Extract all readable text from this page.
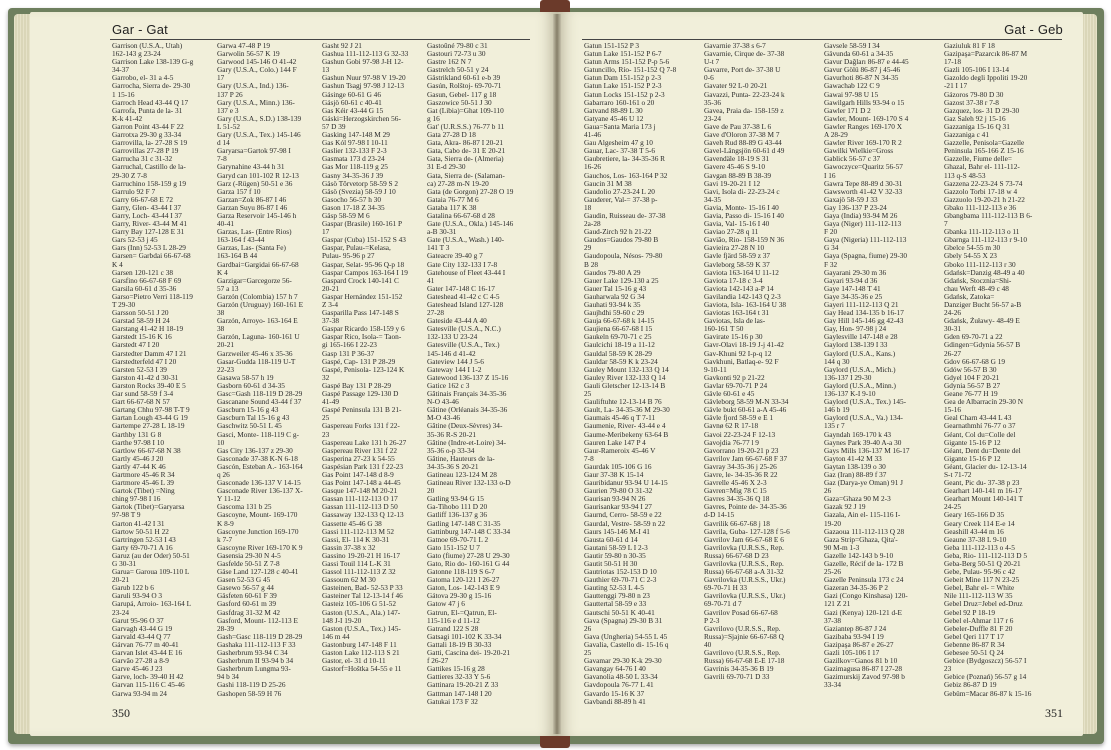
Gar - Gat
Garrison (U.S.A., Utah)
162-143 g 23-24
Garrison Lake 138-139 G-g
34-37
Garrobo, el- 31 a 4-5
Garrocha, Sierra de- 29-30
1 15-16
Garroch Head 43-44 Q 17
Garrofa, Punta de la- 31
K-k 41-42
Garron Point 43-44 F 22
Garrotxa 29-30 g 33-34
Garrovilla, la- 27-28 S 19
Garrovillas 27-28 P 19
Garrucha 31 c 31-32
Garruchal, Castillo de la-
29-30 Z 7-8
Garruchino 158-159 g 19
Garrulo 92 F 7
Garry 66-67-68 E 72
Garry, Glen- 43-44 I 37
Garry, Loch- 43-44 I 37
Garry, River- 43-44 M 41
Garry Bay 127-128 E 31
Gars 52-53 j 45
Gars (Inn) 52-53 L 28-29
Garsen= Garbdai 66-67-68
K 4
Garsen 120-121 c 38
Garsfino 66-67-68 F 69
Garsila 60-61 d 35-36
Garso=Pietro Verri 118-119
T 29-30
Garsson 50-51 J 20
Garstad 58-59 H 24
Garstang 41-42 H 18-19
Garstedt 15-16 K 16
Garstedt 47 I 20
Garstedter Damm 47 I 21
Garstedterfeld 47 I 20
Garsten 52-53 I 39
Garston 41-42 d 30-31
Garston Rocks 39-40 E 5
Gar sund 58-59 f 3-4
Gart 66-67-68 N 57
Gartang Chhu 97-98 T-T 9
Gartan Lough 43-44 G 19
Gartempe 27-28 L 18-19
Garthby 131 G 8
Garthe 97-98 I 10
Gartlow 66-67-68 N 38
Gartly 45-46 J 20
Gartly 47-44 K 46
Gartmore 45-46 R 34
Gartmore 45-46 L 39
Gartok (Tibet) =Ning
ching 97-98 I 16
Gartok (Tibet)=Garyarsa
97-98 T 9
Garton 41-42 I 31
Gartow 50-51 H 22
Gartringen 52-53 I 43
Garty 69-70-71 A 16
Garuz (au der Oder) 50-51
G 30-31
Garua= Garoua 109-110 L
20-21
Garub 122 b 6
Garuli 93-94 O 3
Garupá, Arroio- 163-164 L
23-24
Garut 95-96 O 37
Garvagh 43-44 G 19
Garvald 43-44 Q 77
Gárvan 76-77 m 40-41
Garvan Islet 43-44 E 16
Garvão 27-28 a 8-9
Garve 45-46 J 23
Garve, loch- 39-40 H 42
Garvan 115-116 C 45-46
Garwa 93-94 m 24
Garwa 47-48 P 19
Garwolin 56-57 K 19
Garwood 145-146 O 41-42
Gary (U.S.A., Colo.) 144 F
17
Gary (U.S.A., Ind.) 136-
137 P 26
Gary (U.S.A., Minn.) 136-
137 e 3
Gary (U.S.A., S.D.) 138-139
L 51-52
Gary (U.S.A., Tex.) 145-146
d 14
Garyarsa=Gartok 97-98 I
7-8
Garynahine 43-44 h 31
Garyd can 101-102 R 12-13
Garz (-Rügen) 50-51 e 36
Garza 157 f 10
Garzan=Zok 86-87 I 46
Garzan Suyu 86-87 I 46
Garza Reservoir 145-146 h
40-41
Garzas, Las- (Entre Rios)
163-164 f 43-44
Garzas, Las- (Santa Fe)
163-164 B 44
Gardbai=Gargidai 66-67-68
K 4
Garzigar=Garcegorze 56-
57 a 13
Garzón (Colombia) 157 h 7
Garzón (Uruguay) 160-161 E
38
Garzón, Arroyo- 163-164 E
38
Garzón, Laguna- 160-161 U
20-21
Garzweiler 45-46 x 35-36
Gasar-Gudda 118-119 U-T
22-23
Gasawa 58-57 h 19
Gasborn 60-61 d 34-35
Gasc=Gash 118-119 D 28-29
Gascanane Sound 43-44 f 37
Gascburn 15-16 g 43
Gascburn Tal 15-16 g 43
Gaschwitz 50-51 L 45
Gasci, Monte- 118-119 C g-
10
Gas City 136-137 z 29-30
Gasconade 37-38 K-N 6-18
Gascón, Esteban A.- 163-164
q 26
Gasconade 136-137 V 14-15
Gasconade River 136-137 X-
Y 11-12
Gascoma 131 b 25
Gascoyne, Mount- 169-170
K 8-9
Gascoyne Junction 169-170
k 7-7
Gascoyne River 169-170 K 9
Gasensia 29-30 N 4-5
Gasfelde 50-51 Z 7-8
Gäse Land 127-128 c 40-41
Gasen 52-53 G 45
Gasewo 56-57 g 44
Gäsfeten 60-61 F 39
Gasford 60-61 m 39
Gasfdrag 31-32 M 42
Gasford, Mount- 112-113 E
28-39
Gash=Gasc 118-119 D 28-29
Gashaka 111-112-113 F 33
Gasherbrum 93-94 C 34
Gasherbrum II 93-94 b 34
Gasherbrum Lungma 93-
94 b 34
Gashi 118-119 D 25-26
Gashopen 58-59 H 76
Gasht 92 J 21
Gashua 111-112-113 G 32-33
Gashun Gobi 97-98 J-H 12-
13
Gashun Nuur 97-98 V 19-20
Gashun Tsagj 97-98 J 12-13
Gásinge 60-61 G 46
Gásjö 60-61 c 40-41
Gas Kéir 43-44 G 15
Gáski=Herzogskirchen 56-
57 D 39
Gasking 147-148 M 29
Gas Kól 97-98 I 10-11
Gaslier 132-133 F 2-3
Gasmata 173 d 23-24
Gas Mor 118-119 g 25
Gasny 34-35-36 J 39
Gäsö Tôrvetorp 58-59 S 2
Gäsö (Svezia) 58-59 J 10
Gasocho 56-57 h 30
Gason 17-18 Z 34-35
Gäsp 58-59 M 6
Gaspar (Brasile) 160-161 P
17
Gaspar (Cuba) 151-152 S 43
Gaspar, Pulau-=Kelasa,
Pulau- 95-96 p 27
Gaspar, Selat- 95-96 Q-p 18
Gaspar Campos 163-164 I 19
Gaspard Crock 140-141 C
20-21
Gaspar Hernández 151-152
Z 3-4
Gasparilla Pass 147-148 S
37-38
Gaspar Ricardo 158-159 y 6
Gaspar Rico, Isola-= Taon-
gi 165-166 I 22-23
Gasp 131 P 36-37
Gaspé, Cap- 131 P 28-29
Gaspé, Penisola- 123-124 K
32
Gaspé Bay 131 P 28-29
Gaspé Passage 129-130 D
41-49
Gaspé Peninsula 131 B 21-
25
Gaspereau Forks 131 f 22-
23
Gaspereau Lake 131 h 26-27
Gaspereau River 131 f 22
Gasperina 27-23 k 54-55
Gaspésian Park 131 f 22-23
Gas Point 147-148 d 8-9
Gas Point 147-148 a 44-45
Gasque 147-148 M 20-21
Gassan 111-112-113 O 17
Gassan 111-112-113 D 50
Gassaway 132-133 Q 12-13
Gassette 45-46 G 38
Gassi 111-112-113 M 52
Gassi, El- 114 K 30-31
Gassin 37-38 x 32
Gassino 19-20-21 H 16-17
Gassi Touil 114 L-K 31
Gassol 111-112-113 Z 32
Gassoum 62 M 30
Gasteinen, Bad- 52-53 P 33
Gasteiner Tal 12-13-14 f 46
Gasteiz 105-106 G 51-52
Gaston (U.S.A., Ala.) 147-
148 J-I 19-20
Gaston (U.S.A., Tex.) 145-
146 m 44
Gastonburg 147-148 F 11
Gaston Lake 112-113 S 21
Gastor, el- 31 d 10-11
Gastorf=Hoštka 54-55 e 11
Gastoûné 79-80 c 31
Gastouri 72-73 u 30
Gastre 162 N 7
Gastrelch 50-51 y 24
Gästrikland 60-61 e-b 39
Gasún, Rolštoj- 69-70-71
Gasun, Gebel- 117 g 18
Gaszowice 50-51 J 30
Gat (Libia)=Ghat 109-110
g 16
Gat' (U.R.S.S.) 76-77 b 11
Gata 27-28 D 18
Gata, Akra- 86-87 I 20-21
Gata, Cabo de- 31 E 20-21
Gata, Sierra de- (Almeria)
31 E-d 29-30
Gata, Sierra de- (Salaman-
ca) 27-28 m-N 19-20
Gata (de Gorgon) 27-28 O 19
Gataia 76-77 M 6
Gataba 117 K 38
Gatalina 66-67-68 d 28
Gate (U.S.A., Okla.) 145-146
a-B 30-31
Gate (U.S.A., Wash.) 140-
141 T 3
Gateacre 39-40 g 7
Gate City 132-133 I 7-8
Gatehouse of Fleet 43-44 I
41
Gater 147-148 C 16-17
Gateshead 41-42 c C 4-5
Gateshead Island 127-128
27-28
Gateside 43-44 A 40
Gatesville (U.S.A., N.C.)
132-133 U 23-24
Gatesville (U.S.A., Tex.)
145-146 d 41-42
Gateview 144 J 5-6
Gateway 144 I 1-2
Gatewood 136-137 Z 15-16
Gatice 162 c 3
Gâtinais Français 34-35-36
N-O 43-46
Gâtine (Orléanais 34-35-36
M-O 43-46
Gâtine (Deux-Sèvres) 34-
35-36 R-S 20-21
Gâtine (Indre-et-Loire) 34-
35-36 o-p 33-34
Gâtine, Hauteurs de la-
34-35-36 S 20-21
Gatineau 123-124 M 28
Gatineau River 132-133 o-D
20
Gatling 93-94 G 15
Ga-Tihobo 111 D 20
Gatliff 136-137 g 36
Gatling 147-148 C 31-35
Gattinburg 147-148 C 33-34
Gatnoe 69-70-71 L 2
Gato 151-152 U 7
Gato (fiume) 27-28 U 29-30
Gato, Rio do- 160-161 G 44
Gatonne 118-119 S 6-7
Gatoma 120-121 I 26-27
Gaton, Los- 142-143 E 9
Gátova 29-30 g 15-16
Gatow 47 j 6
Gatrun, El-=Qatrun, El-
115-116 e d 11-12
Gatrand 122 S 28
Gatsagi 101-102 K 33-34
Gattali 18-19 B 30-33
Gatti, Cascina dei- 19-20-21
f 26-27
Gattikes 15-16 g 28
Gattieres 32-33 Y 5-6
Gattinara 19-20-21 Z 33
Gattman 147-148 I 20
Gatukai 173 F 32
350
Gat - Geb
Gatun 151-152 P 3
Gatun Lake 151-152 P 6-7
Gatun Arms 151-152 P-p 5-6
Gatuncillo, Río- 151-152 Q 7-8
Gatun Dam 151-152 p 2-3
Gatun Lake 151-152 P 2-3
Gatun Locks 151-152 p 2-3
Gabarraro 160-161 o 20
Gatvand 88-89 L 30
Gatyane 45-46 U 12
Gaua=Santa Maria 173 j
41-46
Gau Algesheim 47 g 10
Gauar, Lac- 37-38 T 5-6
Gaubretiere, la- 34-35-36 R
16-26
Gauchos, Los- 163-164 P 32
Gaucin 31 M 38
Gaudolio 27-23-24 L 20
Gauderer, Val-= 37-38 p-
18
Gaudin, Ruisseau de- 37-38
2a-28
Gaud-Zirch 92 h 21-22
Gaudos=Gaudos 79-80 B
29
Gaudopoula, Nésos- 79-80
B 28
Gaudos 79-80 A 29
Gauer Lake 129-130 a 25
Gauer Tal 15-16 g 43
Gauharwala 92 G 34
Gauhati 93-94 k 35
Gaujhdhi 59-60 c 29
Gauja 66-67-68 k 14-15
Gaujiena 66-67-68 I 15
Gaukeln 69-70-71 c 25
Gaulcichi 18-19 a 11-12
Gauldal 58-59 K 28-29
Gauldar 58-59 K k 23-24
Gauley Mount 132-133 Q 14
Gauley River 132-133 Q 14
Gauli Gletscher 12-13-14 B
25
Gauliftuhte 12-13-14 B 76
Gault, La- 34-35-36 M 29-30
Gaumais 45-46 q T 7-11
Gaumenie, River- 43-44 e 4
Gaume-Meribekeny 63-64 B
Gauren Lake 147 P 4
Gaur-Rameroix 45-46 V
7-8
Gaurdak 105-106 G 16
Gaur 37-38 K 15-14
Gauribidanur 93-94 U 14-15
Gaurien 79-80 O 31-32
Gaurisan 93-94 N 26
Gaurisankar 93-94 I 27
Gaurnd, Cerro- 58-59 e 22
Gaurdal, Vestre- 58-59 n 22
Gaurs 145-146 M-I 41
Gausta 60-61 d 14
Gautani 58-59 L I 2-3
Gautir 59-80 n 30-35
Gautit 50-51 H 30
Gautriotas 152-153 D 10
Gauthier 69-70-71 C 2-3
Gauting 52-53 L 4-5
Gauttenggi 79-80 n 23
Gauttertal 58-59 e 33
Gautschi 50-51 K 40-41
Gava (Spagna) 29-30 B 31
26
Gava (Ungheria) 54-55 L 45
Gavalia, Castello di- 15-16 q
25
Gavamar 29-30 K-k 29-30
Gavangay 64-76 I 40
Gavanolia 48-50 L 33-34
Gavdopoula 76-77 L 41
Gavardo 15-16 K 37
Gavbandi 88-89 h 41
Gavarnie 37-38 s 6-7
Gavarnie, Cirque de- 37-38
U-t 7
Gavarre, Port de- 37-38 U
0-6
Gavater 92 L-0 20-21
Gavazzi, Punta- 22-23-24 k
35-36
Gavea, Praia da- 158-159 z
23-24
Gave de Pau 37-38 L 6
Gave d'Oloron 37-38 M 7
Gaveh Rud 88-89 G 43-44
Gavel-Längsjön 60-61 d 49
Gavendäle 18-19 S 31
Gavere 45-46 S 9-10
Gavgan 88-89 B 38-39
Gavi 19-20-21 I 12
Gavi, Isola di- 22-23-24 c
34-35
Gavia, Monte- 15-16 I 40
Gavia, Passo di- 15-16 I 40
Gavia, Val- 15-16 I 40
Gaviao 27-28 q 11
Gavião, Rio- 158-159 N 36
Gavieira 27-28 N 10
Gavle fjärd 58-59 z 37
Gavleborg 58-59 K 37
Gaviota 163-164 U 11-12
Gaviota 17-18 c 3-4
Gaviota 142-143 a-P 14
Gavilandia 142-143 Q 2-3
Gaviota, Isla- 163-164 U 38
Gaviotas 163-164 t 31
Gaviotas, Isla de las-
160-161 T 50
Gavirate 15-16 p 30
Gavr-Olavi 18-19 J-j 41-42
Gav-Khuni 92 I-p-q 12
Gavkhuni, Batlaq-e- 92 F
9-10-11
Gavkonti 92 p 21-22
Gavlar 69-70-71 P 24
Gävle 60-61 e 45
Gävleborg 58-59 M-N 33-34
Gävle bukt 60-61 a-A 45-46
Gävle fjord 58-59 e E 1
Gavnø 62 R 17-18
Gavoi 22-23-24 F 12-13
Gavojdia 76-77 l 9
Gavorrano 19-20-21 p 23
Gavrilov Jam 66-67-68 F 37
Gavray 34-35-36 j 25-26
Gavre, le- 34-35-36 R 22
Gavrelle 45-46 X 2-3
Gavren=Mig 78 C 15
Gavres 34-35-36 Q 18
Gavres, Pointe de- 34-35-36
d-D 14-15
Gavrilik 66-67-68 j 18
Gavrila, Guba- 127-128 f 5-6
Gavrilov Jam 66-67-68 E 6
Gavrilovka (U.R.S.S., Rep.
Russa) 66-67-68 D 23
Gavrilovka (U.R.S.S., Rep.
Russa) 66-67-68 a-A 31-32
Gavrilovka (U.R.S.S., Ukr.)
69-70-71 H 33
Gavrilovka (U.R.S.S., Ukr.)
69-70-71 d 7
Gavrilov Posad 66-67-68
P 2-3
Gavrilovo (U.R.S.S., Rep.
Russa)=Sjajnie 66-67-68 Q
40
Gavrilovo (U.R.S.S., Rep.
Russa) 66-67-68 E-E 17-18
Gavrinis 34-35-36 B 19
Gavrili 69-70-71 D 33
Gavsele 58-59 I 34
Gävunda 60-61 a 34-35
Gavur Dağları 86-87 e 44-45
Gavur Gölü 86-87 j 45-46
Gavurhoti 86-87 N 34-35
Gawachab 122 C 9
Gawai 97-98 U 15
Gawilgarh Hills 93-94 o 15
Gawler 171 D 2
Gawler, Mount- 169-170 S 4
Gawler Ranges 169-170 X
A 28-29
Gawler River 169-170 R 2
Gawilki Wielkie=Gross
Gablick 56-57 c 37
Gawoczyce=Quaritz 56-57
I 16
Gawra Tepe 88-89 d 30-31
Gawsworth 41-42 V 32-33
Gaxajö 58-59 J 33
Gay 136-137 P 23-24
Gaya (India) 93-94 M 26
Gaya (Niger) 111-112-113
F 20
Gaya (Nigeria) 111-112-113
G 34
Gaya (Spagna, fiume) 29-30
F 32
Gayarani 29-30 m 36
Gayari 93-94 d 36
Gaye 147-148 T 41
Gaye 34-35-36 e 25
Gayeri 111-112-113 Q 21
Gay Head 134-135 b 16-17
Gay Hill 145-146 gg 42-43
Gay, Hon- 97-98 j 24
Gaylesville 147-148 e 28
Gaylord 138-139 I 33
Gaylord (U.S.A., Kans.)
144 q 30
Gaylord (U.S.A., Mich.)
136-137 I 29-30
Gaylord (U.S.A., Minn.)
136-137 K-I 9-10
Gaylord (U.S.A., Tex.) 145-
146 b 19
Gaylord (U.S.A., Va.) 134-
135 r 7
Gayndah 169-170 k 43
Gaynes Park 39-40 A-a 30
Gays Mills 136-137 M 16-17
Gayton 41-42 M 33
Gaytan 138-139 o 30
Gaz (Iran) 88-89 f 37
Gaz (Darya-ye Oman) 91 J
26
Gaza=Ghaza 90 M 2-3
Gazak 92 J 19
Gazala, Ain el- 115-116 I-
19-20
Gazaoua 111-112-113 Q 28
Gaza Strip=Ghaza, Qita'-
90 M-m 1-3
Gazelle 142-143 b 9-10
Gazelle, Récif de la- 172 B
25-26
Gazelle Peninsula 173 c 24
Gazeran 34-35-36 P 2
Gazi (Congo Kinshasa) 120-
121 Z 21
Gazi (Kenya) 120-121 d-E
37-38
Gaziantep 86-87 J 24
Gazibaba 93-94 I 19
Gazipaşa 86-87 e 26-27
Gazli 105-106 I 17
Gazilkov=Ganos 81 b 10
Gazimagusa 86-87 I 27-28
Gazimurskij Zavod 97-98 b
33-34
Gaziuluk 81 F 18
Gazipaşa=Pazarcık 86-87 M
17-18
Gazli 105-106 I 13-14
Gazoldo degli Ippoliti 19-20
-21 I 17
Gázoros 79-80 D 30
Gazost 37-38 r 7-8
Gazquez, los- 31 D 29-30
Gaz Saleh 92 j 15-16
Gazzaniga 15-16 Q 31
Gazzaniga c 41
Gazzelle, Penisola=Gazelle
Peninsula 165-166 Z 15-16
Gazzelle, Fiume delle=
Ghazal, Bahr el- 111-112-
113 q-S 48-53
Gazzena 22-23-24 S 73-74
Gazzolo Torbi 17-18 w 4
Gazzuolo 19-20-21 h 21-22
Gbako 111-112-113 e 36
Gbangbama 111-112-113 B 6-
7
Gbanka 111-112-113 o 11
Gbarnga 111-112-113 r 9-10
Gbelce 54-55 m 30
Gbely 54-55 X 23
Gboko 111-112-113 r 30
Gdańsk=Danzig 48-49 a 40
Gdańsk, Stocznia=Shi-
chau Werft 48-49 c 48
Gdańsk, Zatoka=
Danziger Bucht 56-57 a-B
24-26
Gdańsk, Żuławy- 48-49 E
30-31
Gden 69-70-71 a 22
Gdingen=Gdynia 56-57 B
26-27
Gdov 66-67-68 G 19
Gdów 56-57 B 30
Gdyel 104 F 20-21
Gdynia 56-57 B 27
Geane 76-77 H 19
Gea de Albarracín 29-30 N
15-16
Geal Charn 43-44 L 43
Gearnathmhí 76-77 o 37
Géant, Col du=Colle del
Gigante 15-16 P 12
Géant, Dent du=Dente del
Gigante 15-16 P 12
Géant, Glacier du- 12-13-14
S-t 71-72
Geant, Pic du- 37-38 p 23
Gearhart 140-141 m 16-17
Gearhart Mount 140-141 T
24-25
Geary 165-166 D 35
Geary Creek 114 E-e 14
Geashill 43-44 m 16
Geaune 37-38 L 9-10
Geba 111-112-113 o 4-5
Geba, Rio- 111-112-113 D 5
Geba-Berg 50-51 Q 20-21
Gebe, Pulau- 95-96 c 42
Gebeit Mine 117 N 23-25
Gebel, Bahr el- = White
Nile 111-112-113 W 35
Gebel Druz=Jebel ed-Druz
Gebel 92 P 18-19
Gebel el-Ahmar 117 r 6
Gebeler-Duffle 81 F 20
Gebel Qeri 117 T 17
Gebenne 86-87 R 34
Gebesee 50-51 Q 24
Gebice (Bydgoszcz) 56-57 I
23
Gebice (Poznań) 56-57 g 14
Gebiz 86-87 D 19
Gebüm=Macar 86-87 k 15-16
351
